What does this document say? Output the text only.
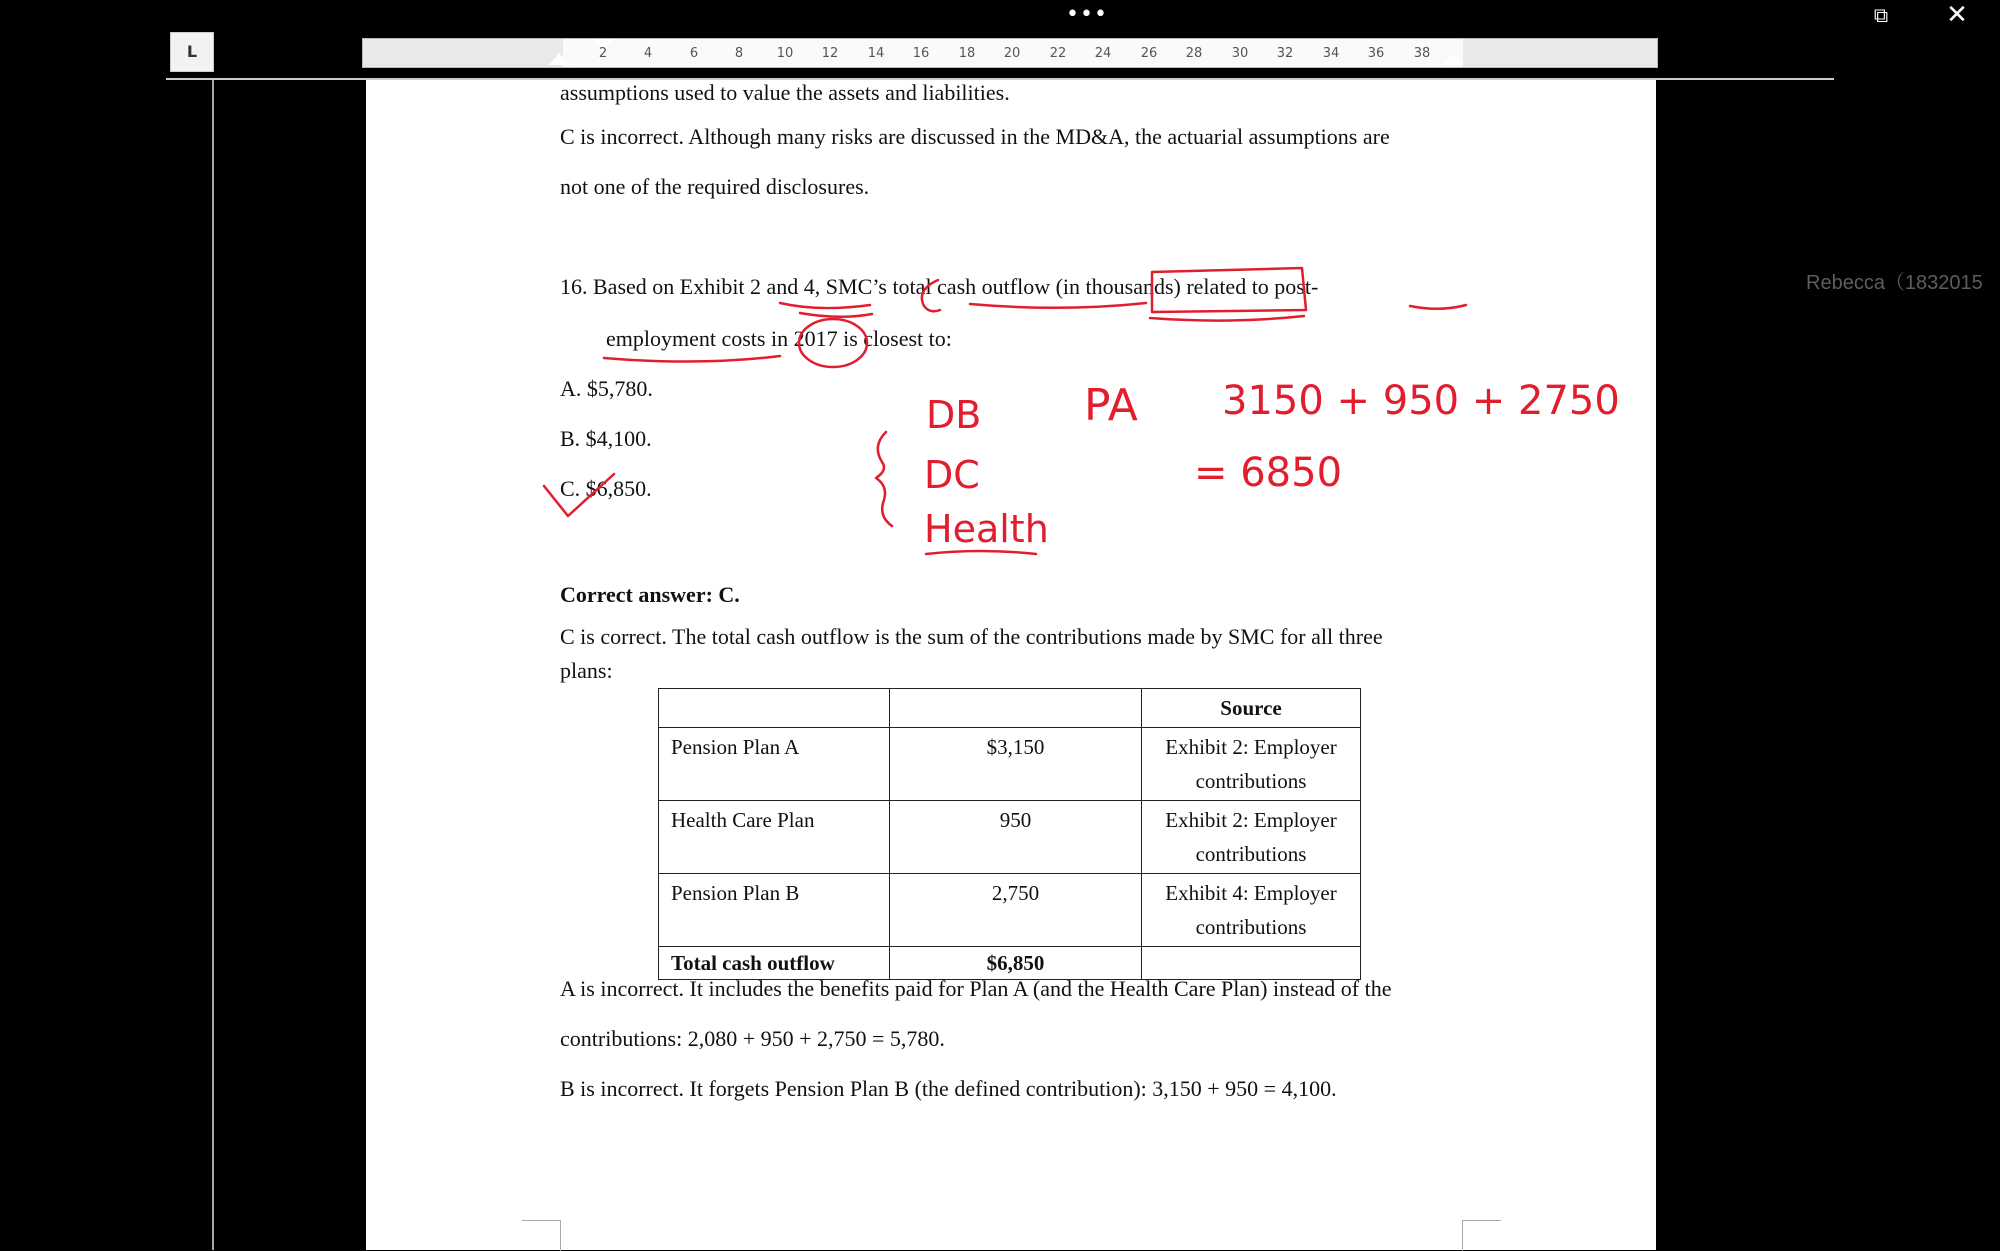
•••	⧉	✕
L	2	4	6	8	10	12	14	16	18	20	22	24	26	28	30	32	34	36	38
Rebecca（1832015
assumptions used to value the assets and liabilities.
C is incorrect. Although many risks are discussed in the MD&A, the actuarial assumptions are
not one of the required disclosures.
16. Based on Exhibit 2 and 4, SMC’s total cash outflow (in thousands) related to post-
employment costs in 2017 is closest to:
A. $5,780.
B. $4,100.
C. $6,850.
Correct answer: C.
C is correct. The total cash outflow is the sum of the contributions made by SMC for all three
plans:
		Source
Pension Plan A	$3,150	Exhibit 2: Employer
contributions
Health Care Plan	950	Exhibit 2: Employer
contributions
Pension Plan B	2,750	Exhibit 4: Employer
contributions
Total cash outflow	$6,850	
A is incorrect. It includes the benefits paid for Plan A (and the Health Care Plan) instead of the
contributions: 2,080 + 950 + 2,750 = 5,780.
B is incorrect. It forgets Pension Plan B (the defined contribution): 3,150 + 950 = 4,100.
DB
DC
Health
PA 3150 + 950 + 2750
= 6850
